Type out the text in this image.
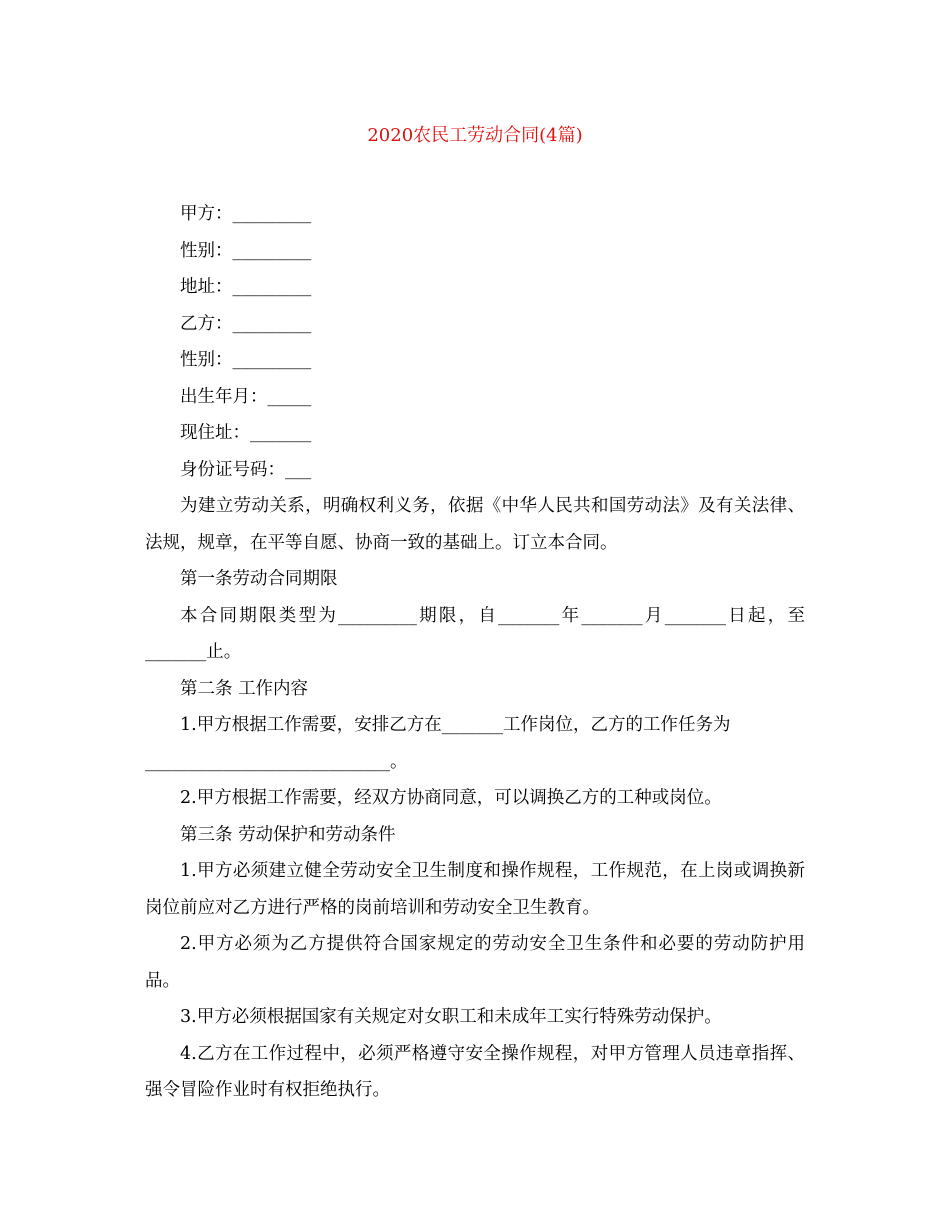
2020农民工劳动合同(4篇)

甲方：_________

性别：_________

地址：_________

乙方：_________

性别：_________

出生年月：_____

现住址：_______

身份证号码：___

为建立劳动关系，明确权利义务，依据《中华人民共和国劳动法》及有关法律、法规，规章，在平等自愿、协商一致的基础上。订立本合同。

第一条劳动合同期限

本合同期限类型为_________期限，自_______年_______月_______日起，至_______止。

第二条 工作内容

1.甲方根据工作需要，安排乙方在_______工作岗位，乙方的工作任务为

____________________________。

2.甲方根据工作需要，经双方协商同意，可以调换乙方的工种或岗位。

第三条 劳动保护和劳动条件

1.甲方必须建立健全劳动安全卫生制度和操作规程，工作规范，在上岗或调换新岗位前应对乙方进行严格的岗前培训和劳动安全卫生教育。

2.甲方必须为乙方提供符合国家规定的劳动安全卫生条件和必要的劳动防护用品。

3.甲方必须根据国家有关规定对女职工和未成年工实行特殊劳动保护。

4.乙方在工作过程中，必须严格遵守安全操作规程，对甲方管理人员违章指挥、强令冒险作业时有权拒绝执行。
